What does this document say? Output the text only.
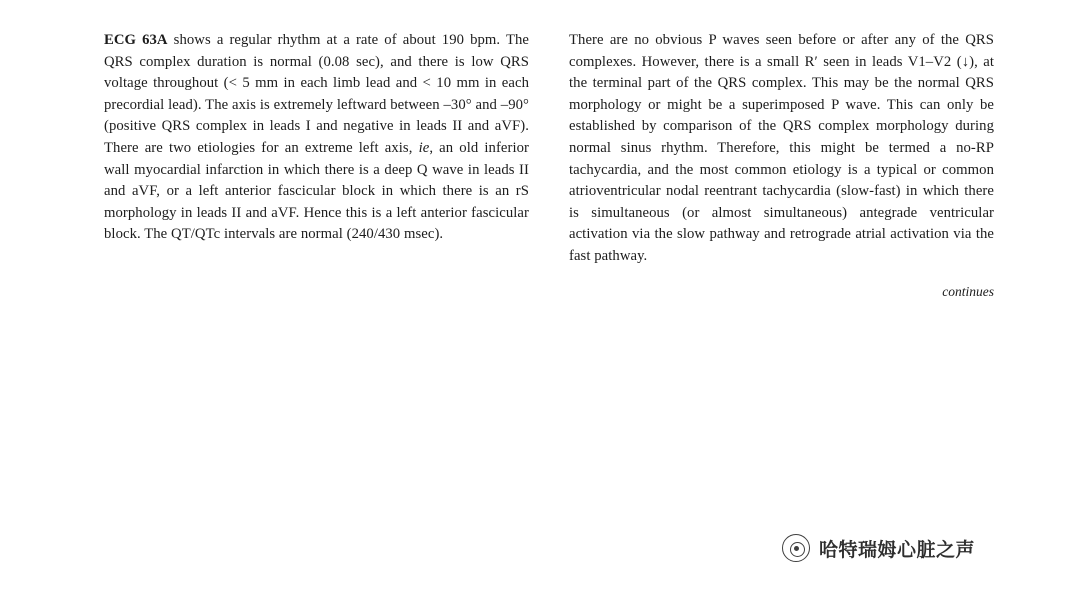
ECG 63A shows a regular rhythm at a rate of about 190 bpm. The QRS complex duration is normal (0.08 sec), and there is low QRS voltage throughout (< 5 mm in each limb lead and < 10 mm in each precordial lead). The axis is extremely leftward between –30° and –90° (positive QRS complex in leads I and negative in leads II and aVF). There are two etiologies for an extreme left axis, ie, an old inferior wall myocardial infarction in which there is a deep Q wave in leads II and aVF, or a left anterior fascicular block in which there is an rS morphology in leads II and aVF. Hence this is a left anterior fascicular block. The QT/QTc intervals are normal (240/430 msec).

There are no obvious P waves seen before or after any of the QRS complexes. However, there is a small R′ seen in leads V1–V2 (↓), at the terminal part of the QRS complex. This may be the normal QRS morphology or might be a superimposed P wave. This can only be established by comparison of the QRS complex morphology during normal sinus rhythm. Therefore, this might be termed a no-RP tachycardia, and the most common etiology is a typical or common atrioventricular nodal reentrant tachycardia (slow-fast) in which there is simultaneous (or almost simultaneous) antegrade ventricular activation via the slow pathway and retrograde atrial activation via the fast pathway.

continues
哈特瑞姆心脏之声
